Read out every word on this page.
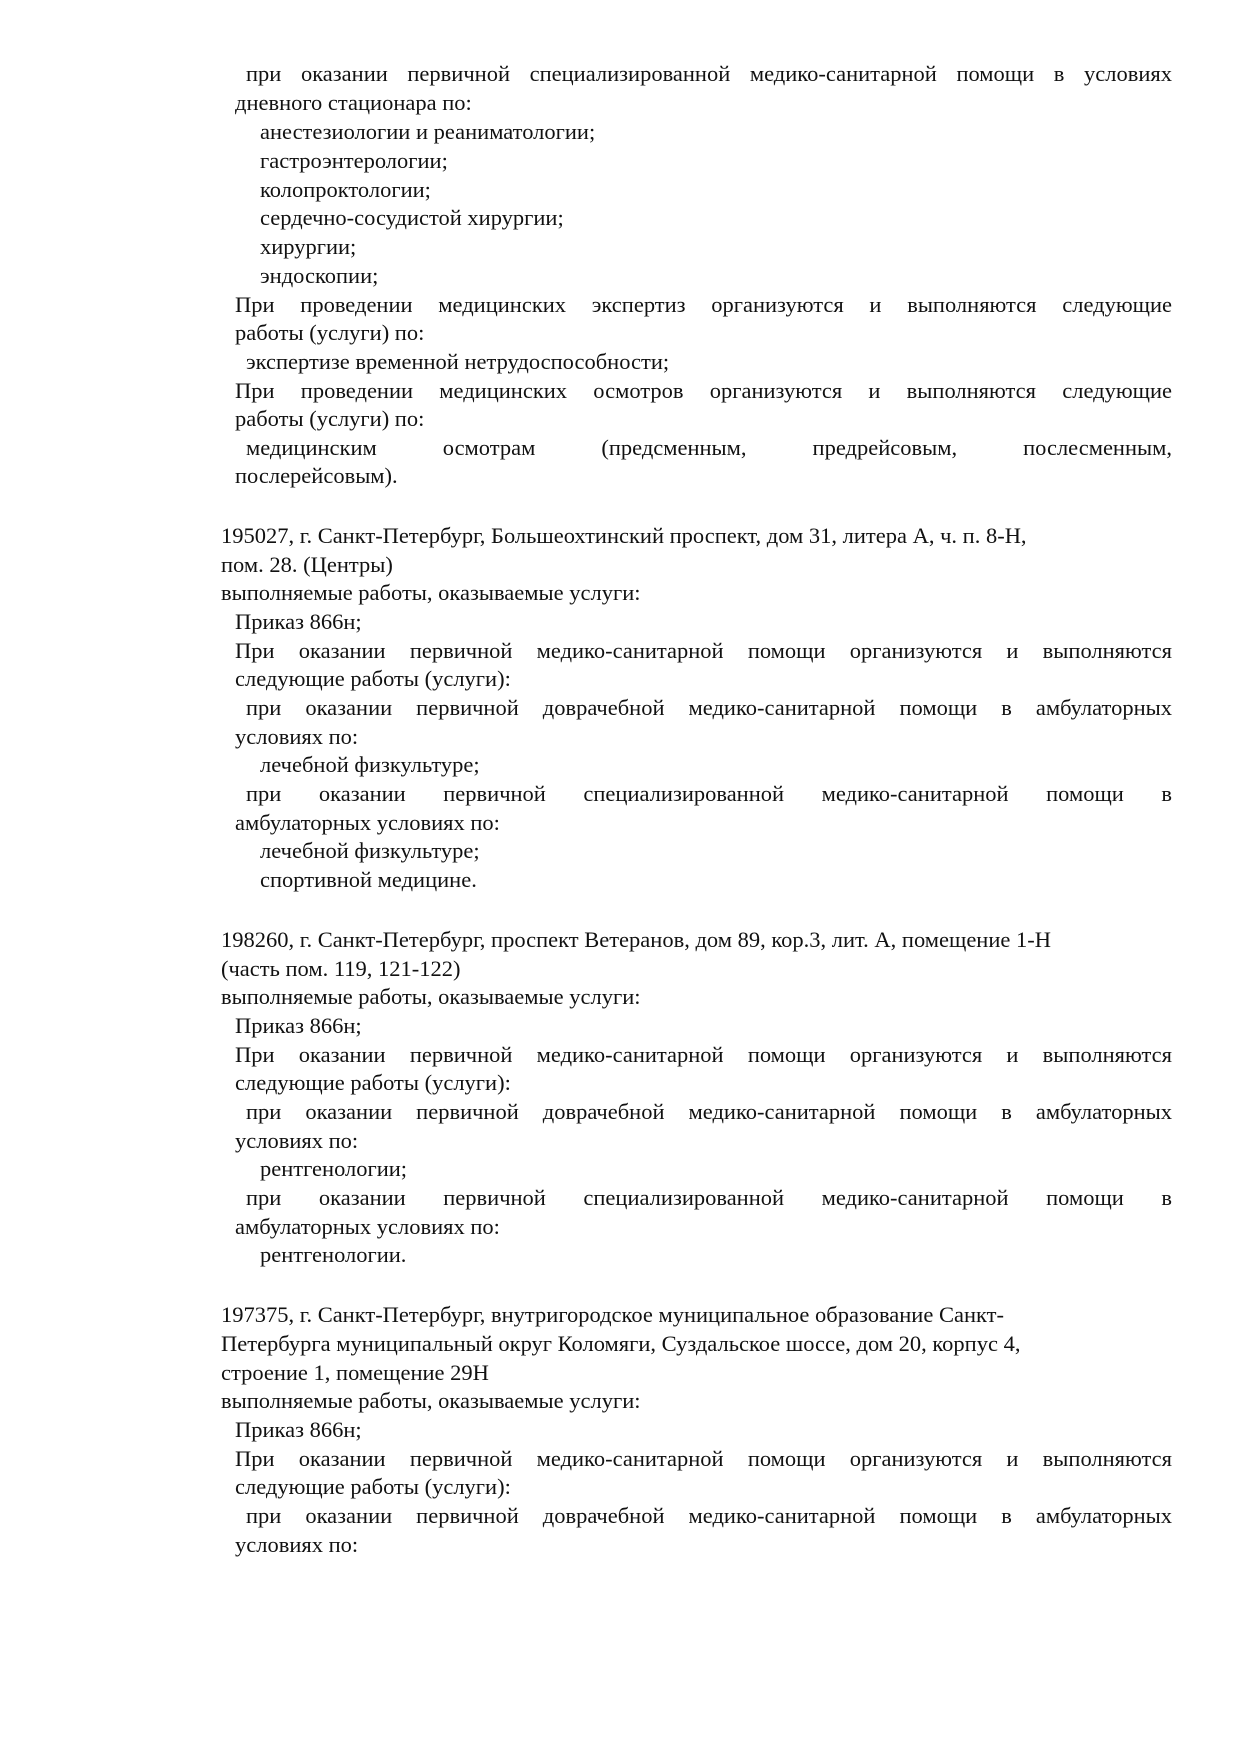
при оказании первичной специализированной медико-санитарной помощи в условиях

дневного стационара по:

анестезиологии и реаниматологии;

гастроэнтерологии;

колопроктологии;

сердечно-сосудистой хирургии;

хирургии;

эндоскопии;

При проведении медицинских экспертиз организуются и выполняются следующие

работы (услуги) по:

экспертизе временной нетрудоспособности;

При проведении медицинских осмотров организуются и выполняются следующие

работы (услуги) по:

медицинским осмотрам (предсменным, предрейсовым, послесменным,

послерейсовым).

195027, г. Санкт-Петербург, Большеохтинский проспект, дом 31, литера А, ч. п. 8-Н,

пом. 28. (Центры)

выполняемые работы, оказываемые услуги:

Приказ 866н;

При оказании первичной медико-санитарной помощи организуются и выполняются

следующие работы (услуги):

при оказании первичной доврачебной медико-санитарной помощи в амбулаторных

условиях по:

лечебной физкультуре;

при оказании первичной специализированной медико-санитарной помощи в

амбулаторных условиях по:

лечебной физкультуре;

спортивной медицине.

198260, г. Санкт-Петербург, проспект Ветеранов, дом 89, кор.3, лит. А, помещение 1-Н

(часть пом. 119, 121-122)

выполняемые работы, оказываемые услуги:

Приказ 866н;

При оказании первичной медико-санитарной помощи организуются и выполняются

следующие работы (услуги):

при оказании первичной доврачебной медико-санитарной помощи в амбулаторных

условиях по:

рентгенологии;

при оказании первичной специализированной медико-санитарной помощи в

амбулаторных условиях по:

рентгенологии.

197375, г. Санкт-Петербург, внутригородское муниципальное образование Санкт-

Петербурга муниципальный округ Коломяги, Суздальское шоссе, дом 20, корпус 4,

строение 1, помещение 29Н

выполняемые работы, оказываемые услуги:

Приказ 866н;

При оказании первичной медико-санитарной помощи организуются и выполняются

следующие работы (услуги):

при оказании первичной доврачебной медико-санитарной помощи в амбулаторных

условиях по:
